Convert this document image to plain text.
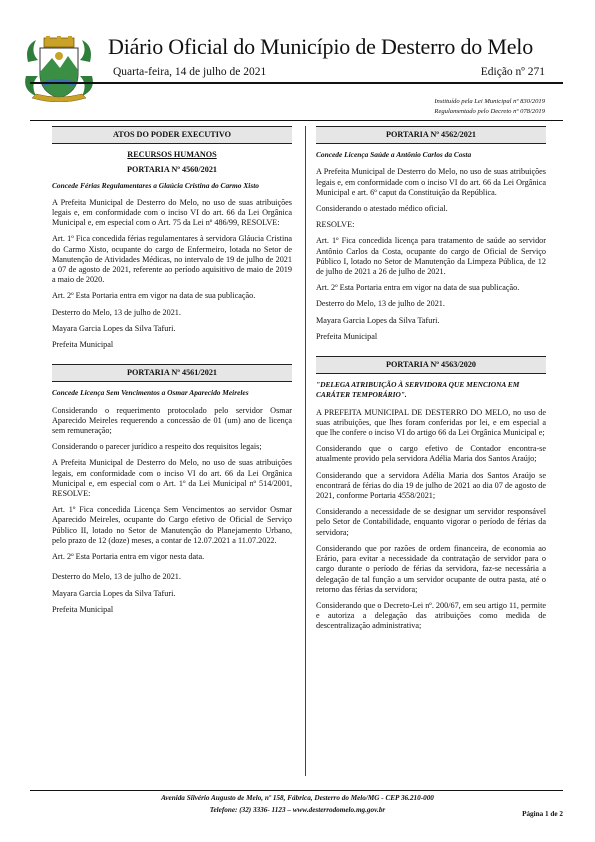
Diário Oficial do Município de Desterro do Melo
Quarta-feira, 14 de julho de 2021	Edição nº 271
Instituído pela Lei Municipal nº 830/2019
Regulamentado pelo Decreto nº 078/2019
ATOS DO PODER EXECUTIVO
RECURSOS HUMANOS
PORTARIA Nº 4560/2021
Concede Férias Regulamentares a Glaúcia Cristina do Carmo Xisto

A Prefeita Municipal de Desterro do Melo, no uso de suas atribuições legais e, em conformidade com o inciso VI do art. 66 da Lei Orgânica Municipal e, em especial com o Art. 75 da Lei nº 486/99, RESOLVE:

Art. 1º Fica concedida férias regulamentares à servidora Gláucia Cristina do Carmo Xisto, ocupante do cargo de Enfermeiro, lotada no Setor de Manutenção de Atividades Médicas, no intervalo de 19 de julho de 2021 a 07 de agosto de 2021, referente ao período aquisitivo de maio de 2019 a maio de 2020.

Art. 2º Esta Portaria entra em vigor na data de sua publicação.

Desterro do Melo, 13 de julho de 2021.

Mayara Garcia Lopes da Silva Tafuri.

Prefeita Municipal

PORTARIA Nº 4561/2021
Concede Licença Sem Vencimentos a Osmar Aparecido Meireles

Considerando o requerimento protocolado pelo servidor Osmar Aparecido Meireles requerendo a concessão de 01 (um) ano de licença sem remuneração;

Considerando o parecer jurídico a respeito dos requisitos legais;

A Prefeita Municipal de Desterro do Melo, no uso de suas atribuições legais, em conformidade com o inciso VI do art. 66 da Lei Orgânica Municipal e, em especial com o Art. 1º da Lei Municipal nº 514/2001, RESOLVE:

Art. 1º Fica concedida Licença Sem Vencimentos ao servidor Osmar Aparecido Meireles, ocupante do Cargo efetivo de Oficial de Serviço Público II, lotado no Setor de Manutenção do Planejamento Urbano, pelo prazo de 12 (doze) meses, a contar de 12.07.2021 a 11.07.2022.

Art. 2º Esta Portaria entra em vigor nesta data.

Desterro do Melo, 13 de julho de 2021.

Mayara Garcia Lopes da Silva Tafuri.

Prefeita Municipal

PORTARIA Nº 4562/2021
Concede Licença Saúde a Antônio Carlos da Costa

A Prefeita Municipal de Desterro do Melo, no uso de suas atribuições legais e, em conformidade com o inciso VI do art. 66 da Lei Orgânica Municipal e art. 6º caput da Constituição da República.

Considerando o atestado médico oficial.

RESOLVE:

Art. 1º Fica concedida licença para tratamento de saúde ao servidor Antônio Carlos da Costa, ocupante do cargo de Oficial de Serviço Público I, lotado no Setor de Manutenção da Limpeza Pública, de 12 de julho de 2021 a 26 de julho de 2021.

Art. 2º Esta Portaria entra em vigor na data de sua publicação.

Desterro do Melo, 13 de julho de 2021.

Mayara Garcia Lopes da Silva Tafuri.

Prefeita Municipal

PORTARIA Nº 4563/2020
"DELEGA ATRIBUIÇÃO À SERVIDORA QUE MENCIONA EM CARÁTER TEMPORÁRIO".

A PREFEITA MUNICIPAL DE DESTERRO DO MELO, no uso de suas atribuições, que lhes foram conferidas por lei, e em especial a que lhe confere o inciso VI do artigo 66 da Lei Orgânica Municipal e;

Considerando que o cargo efetivo de Contador encontra-se atualmente provido pela servidora Adélia Maria dos Santos Araújo;

Considerando que a servidora Adélia Maria dos Santos Araújo se encontrará de férias do dia 19 de julho de 2021 ao dia 07 de agosto de 2021, conforme Portaria 4558/2021;

Considerando a necessidade de se designar um servidor responsável pelo Setor de Contabilidade, enquanto vigorar o período de férias da servidora;

Considerando que por razões de ordem financeira, de economia ao Erário, para evitar a necessidade da contratação de servidor para o cargo durante o período de férias da servidora, faz-se necessária a delegação de tal função a um servidor ocupante de outra pasta, até o retorno das férias da servidora;

Considerando que o Decreto-Lei nº. 200/67, em seu artigo 11, permite e autoriza a delegação das atribuições como medida de descentralização administrativa;

Avenida Silvério Augusto de Melo, nº 158, Fábrica, Desterro do Melo/MG - CEP 36.210-000
Telefone: (32) 3336- 1123 – www.desterrodomelo.mg.gov.br	Página 1 de 2
